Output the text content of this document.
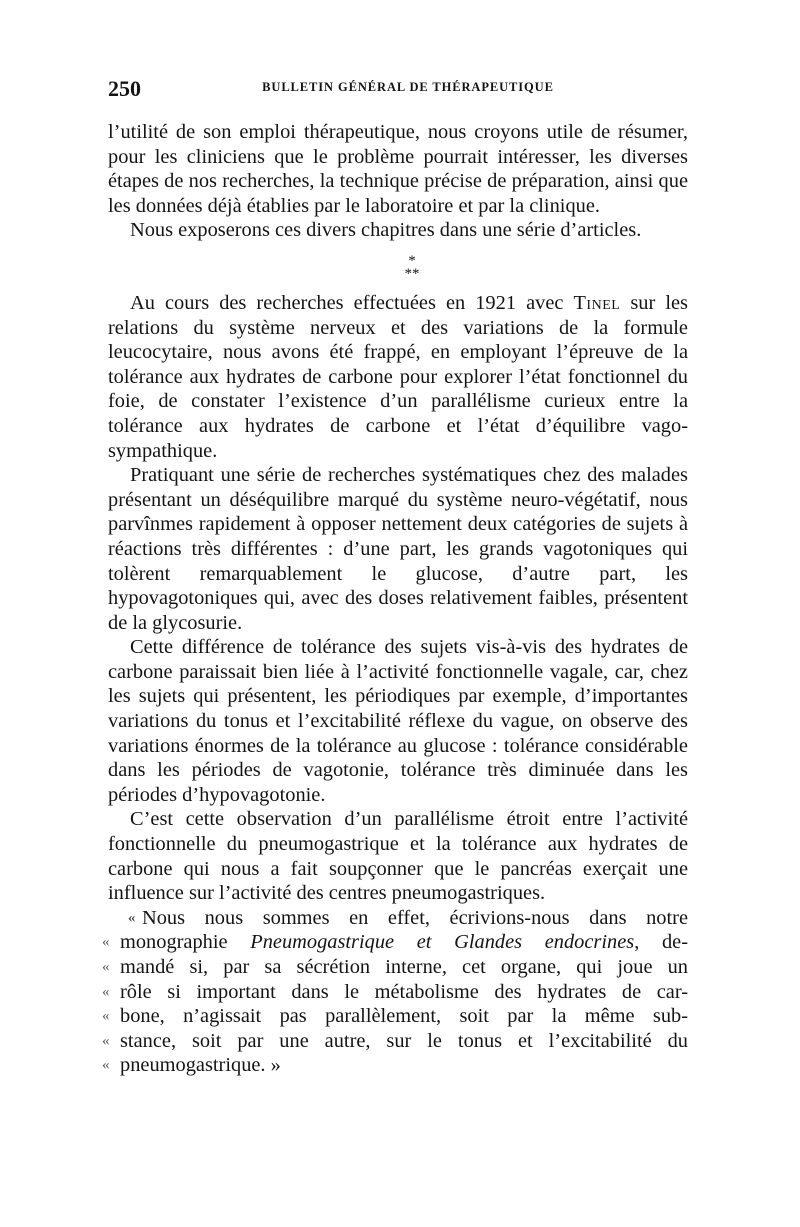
250	BULLETIN GÉNÉRAL DE THÉRAPEUTIQUE

l’utilité de son emploi thérapeutique, nous croyons utile de résumer, pour les cliniciens que le problème pourrait intéresser, les diverses étapes de nos recherches, la technique précise de préparation, ainsi que les données déjà établies par le laboratoire et par la clinique.

Nous exposerons ces divers chapitres dans une série d’articles.

*
**

Au cours des recherches effectuées en 1921 avec Tinel sur les relations du système nerveux et des variations de la formule leucocytaire, nous avons été frappé, en employant l’épreuve de la tolérance aux hydrates de carbone pour explorer l’état fonctionnel du foie, de constater l’existence d’un parallélisme curieux entre la tolérance aux hydrates de carbone et l’état d’équilibre vago-sympathique.

Pratiquant une série de recherches systématiques chez des malades présentant un déséquilibre marqué du système neuro-végétatif, nous parvînmes rapidement à opposer nettement deux catégories de sujets à réactions très différentes : d’une part, les grands vagotoniques qui tolèrent remarquablement le glucose, d’autre part, les hypovagotoniques qui, avec des doses relativement faibles, présentent de la glycosurie.

Cette différence de tolérance des sujets vis-à-vis des hydrates de carbone paraissait bien liée à l’activité fonctionnelle vagale, car, chez les sujets qui présentent, les périodiques par exemple, d’importantes variations du tonus et l’excitabilité réflexe du vague, on observe des variations énormes de la tolérance au glucose : tolérance considérable dans les périodes de vagotonie, tolérance très diminuée dans les périodes d’hypovagotonie.

C’est cette observation d’un parallélisme étroit entre l’activité fonctionnelle du pneumogastrique et la tolérance aux hydrates de carbone qui nous a fait soupçonner que le pancréas exerçait une influence sur l’activité des centres pneumogastriques.

« Nous nous sommes en effet, écrivions-nous dans notre
« monographie Pneumogastrique et Glandes endocrines, de-
« mandé si, par sa sécrétion interne, cet organe, qui joue un
« rôle si important dans le métabolisme des hydrates de car-
« bone, n’agissait pas parallèlement, soit par la même sub-
« stance, soit par une autre, sur le tonus et l’excitabilité du
« pneumogastrique. »
